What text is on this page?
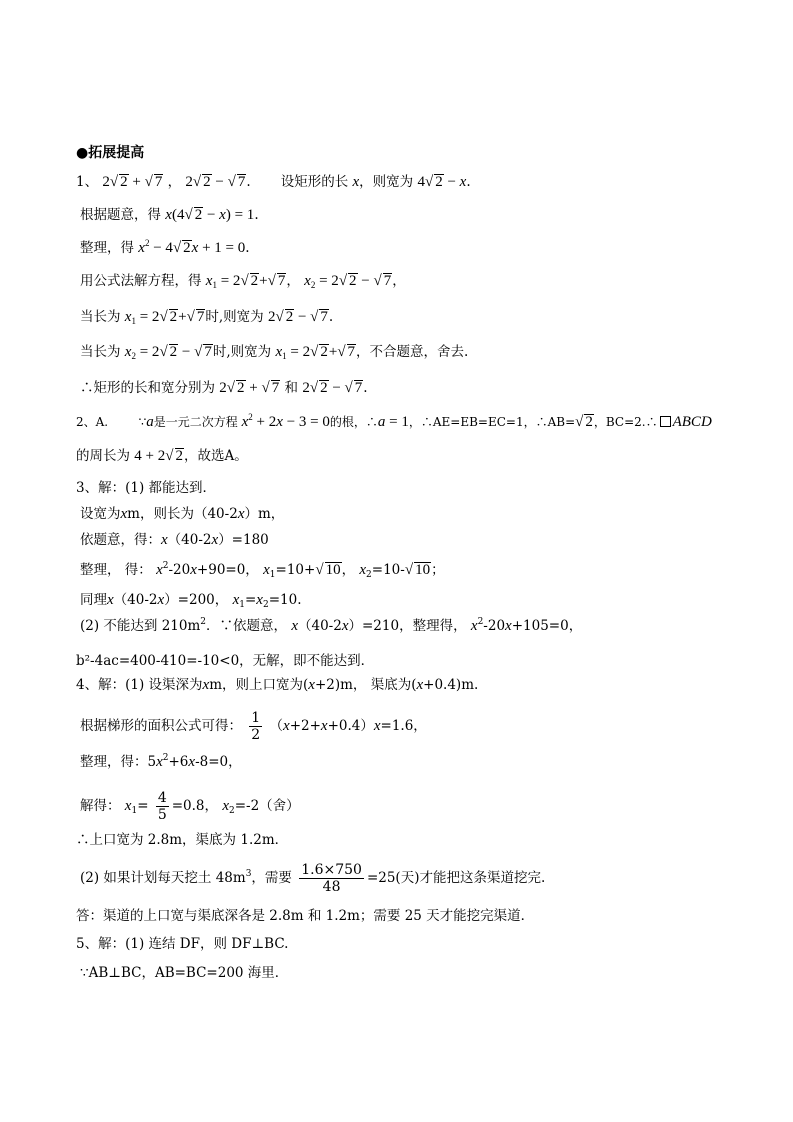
●拓展提高
1、 2√ 2 + √ 7 ， 2√ 2 − √ 7.       设矩形的长 x，则宽为 4√ 2 − x.
根据题意，得 x(4√ 2 − x) = 1.
整理，得 $x^2 - 4√$ 2x + 1 = 0.
用公式法解方程，得 $x_1 = 2√$ 2+√ 7， $x_2 = 2√$ 2 − √ 7，
当长为 $x_1 = 2√$ 2+√ 7时,则宽为 2√ 2 − √ 7.
当长为 $x_2 = 2√$ 2 − √ 7时,则宽为 $x_1 = 2√$ 2+√ 7，不合题意，舍去.
∴矩形的长和宽分别为 2√ 2 + √ 7 和 2√ 2 − √ 7.
2、A.	∵a是一元二次方程 $x^2 + 2x - 3 = 0$的根，∴a = 1，∴AE=EB=EC=1，∴AB=√ 2，BC=2.∴ ABCD
的周长为 4 + 2√ 2，故选A。
3、解：(1) 都能达到．
设宽为xm，则长为（40-2x）m，
依题意，得：x（40-2x）=180
整理， 得： $x^2-20x+90=0$， $x_1=10+√$ 10， $x_2=10-√$ 10；
同理x（40-2x）=200， $x_1=x_2=10$.
(2) 不能达到 $210m^2$．∵依题意， x（40-2x）=210，整理得， $x^2-20x+105=0$，
b²-4ac=400-410=-10<0，无解，即不能达到．
4、解：(1) 设渠深为xm，则上口宽为(x+2)m， 渠底为(x+0.4)m.
根据梯形的面积公式可得： $\frac{1}{2} (x+2+x+0.4)x=1.6$，
整理，得：$5x^2+6x-8=0$，
解得： $x_1= \frac{4}{5} =0.8$， $x_2=-2$（舍）
∴上口宽为 2.8m，渠底为 1.2m．
(2) 如果计划每天挖土 $48m^3$，需要 $\frac{1.6\times 750}{48} =25$(天)才能把这条渠道挖完.
答：渠道的上口宽与渠底深各是 2.8m 和 1.2m；需要 25 天才能挖完渠道．
5、解：(1) 连结 DF，则 DF⊥BC.
∵AB⊥BC，AB=BC=200 海里．
